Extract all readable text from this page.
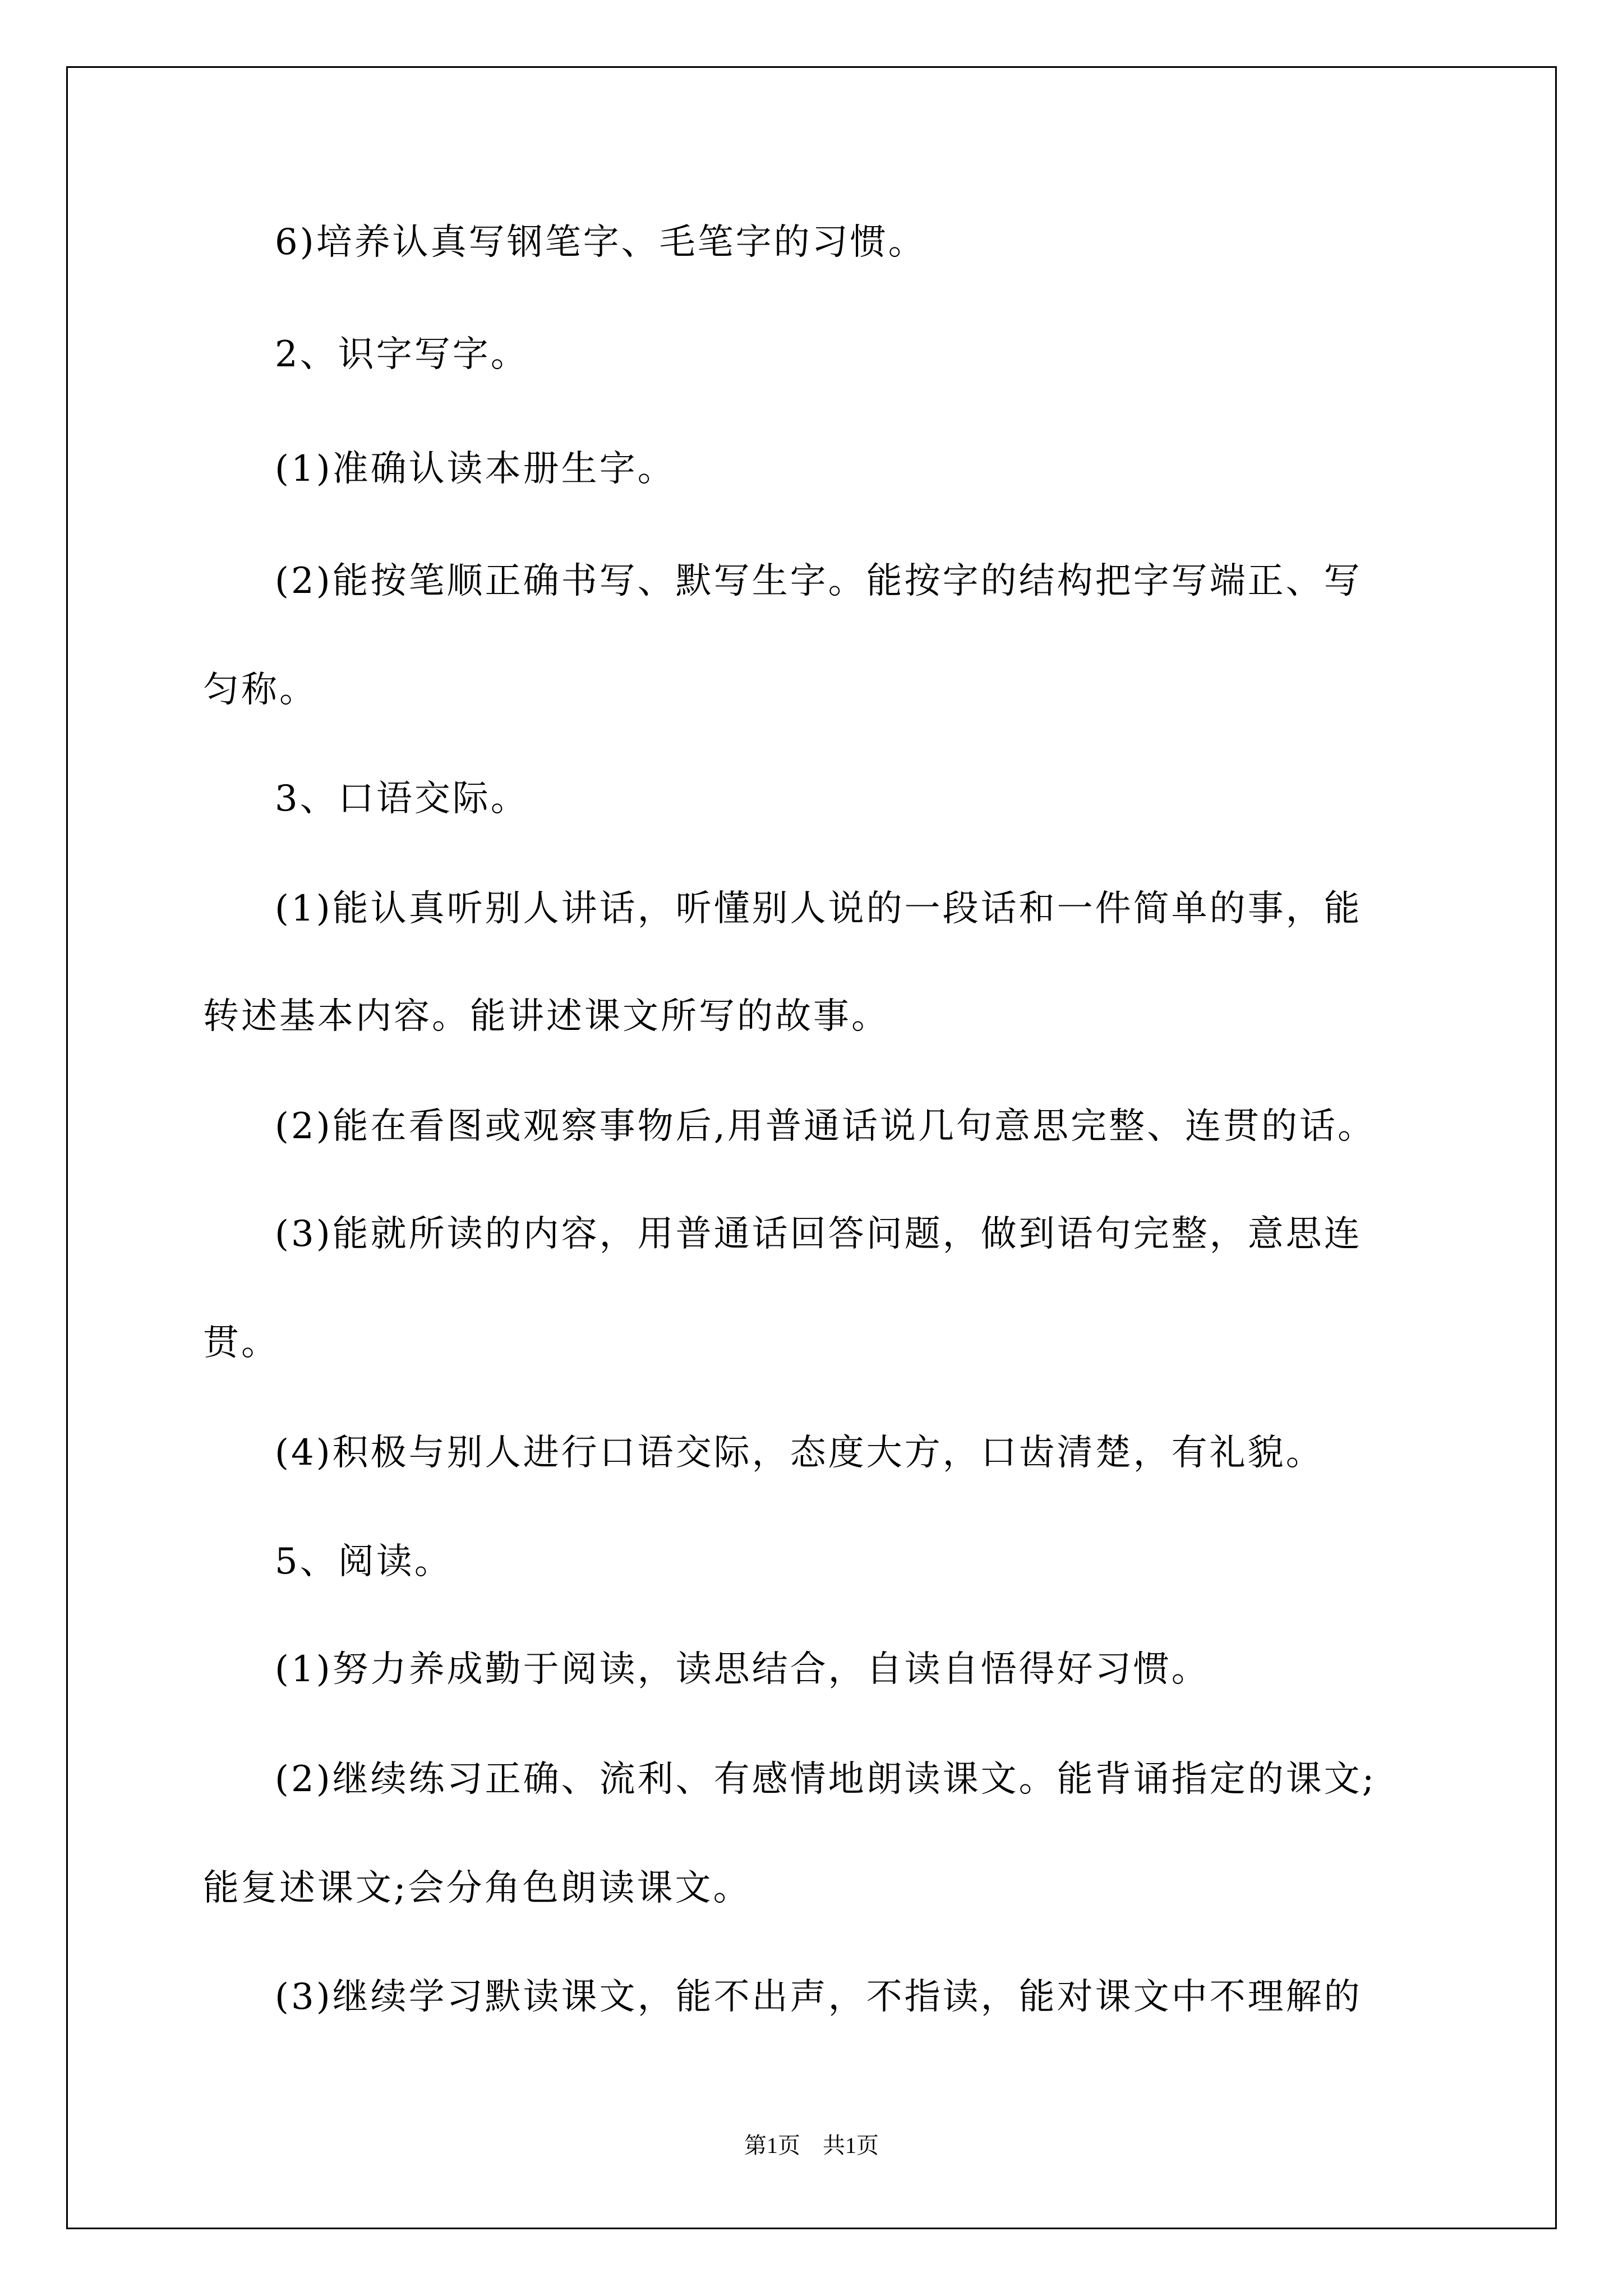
6)培养认真写钢笔字、毛笔字的习惯。
2、识字写字。
(1)准确认读本册生字。
(2)能按笔顺正确书写、默写生字。能按字的结构把字写端正、写
匀称。
3、口语交际。
(1)能认真听别人讲话，听懂别人说的一段话和一件简单的事，能
转述基本内容。能讲述课文所写的故事。
(2)能在看图或观察事物后,用普通话说几句意思完整、连贯的话。
(3)能就所读的内容，用普通话回答问题，做到语句完整，意思连
贯。
(4)积极与别人进行口语交际，态度大方，口齿清楚，有礼貌。
5、阅读。
(1)努力养成勤于阅读，读思结合，自读自悟得好习惯。
(2)继续练习正确、流利、有感情地朗读课文。能背诵指定的课文;
能复述课文;会分角色朗读课文。
(3)继续学习默读课文，能不出声，不指读，能对课文中不理解的
第1页　共1页
